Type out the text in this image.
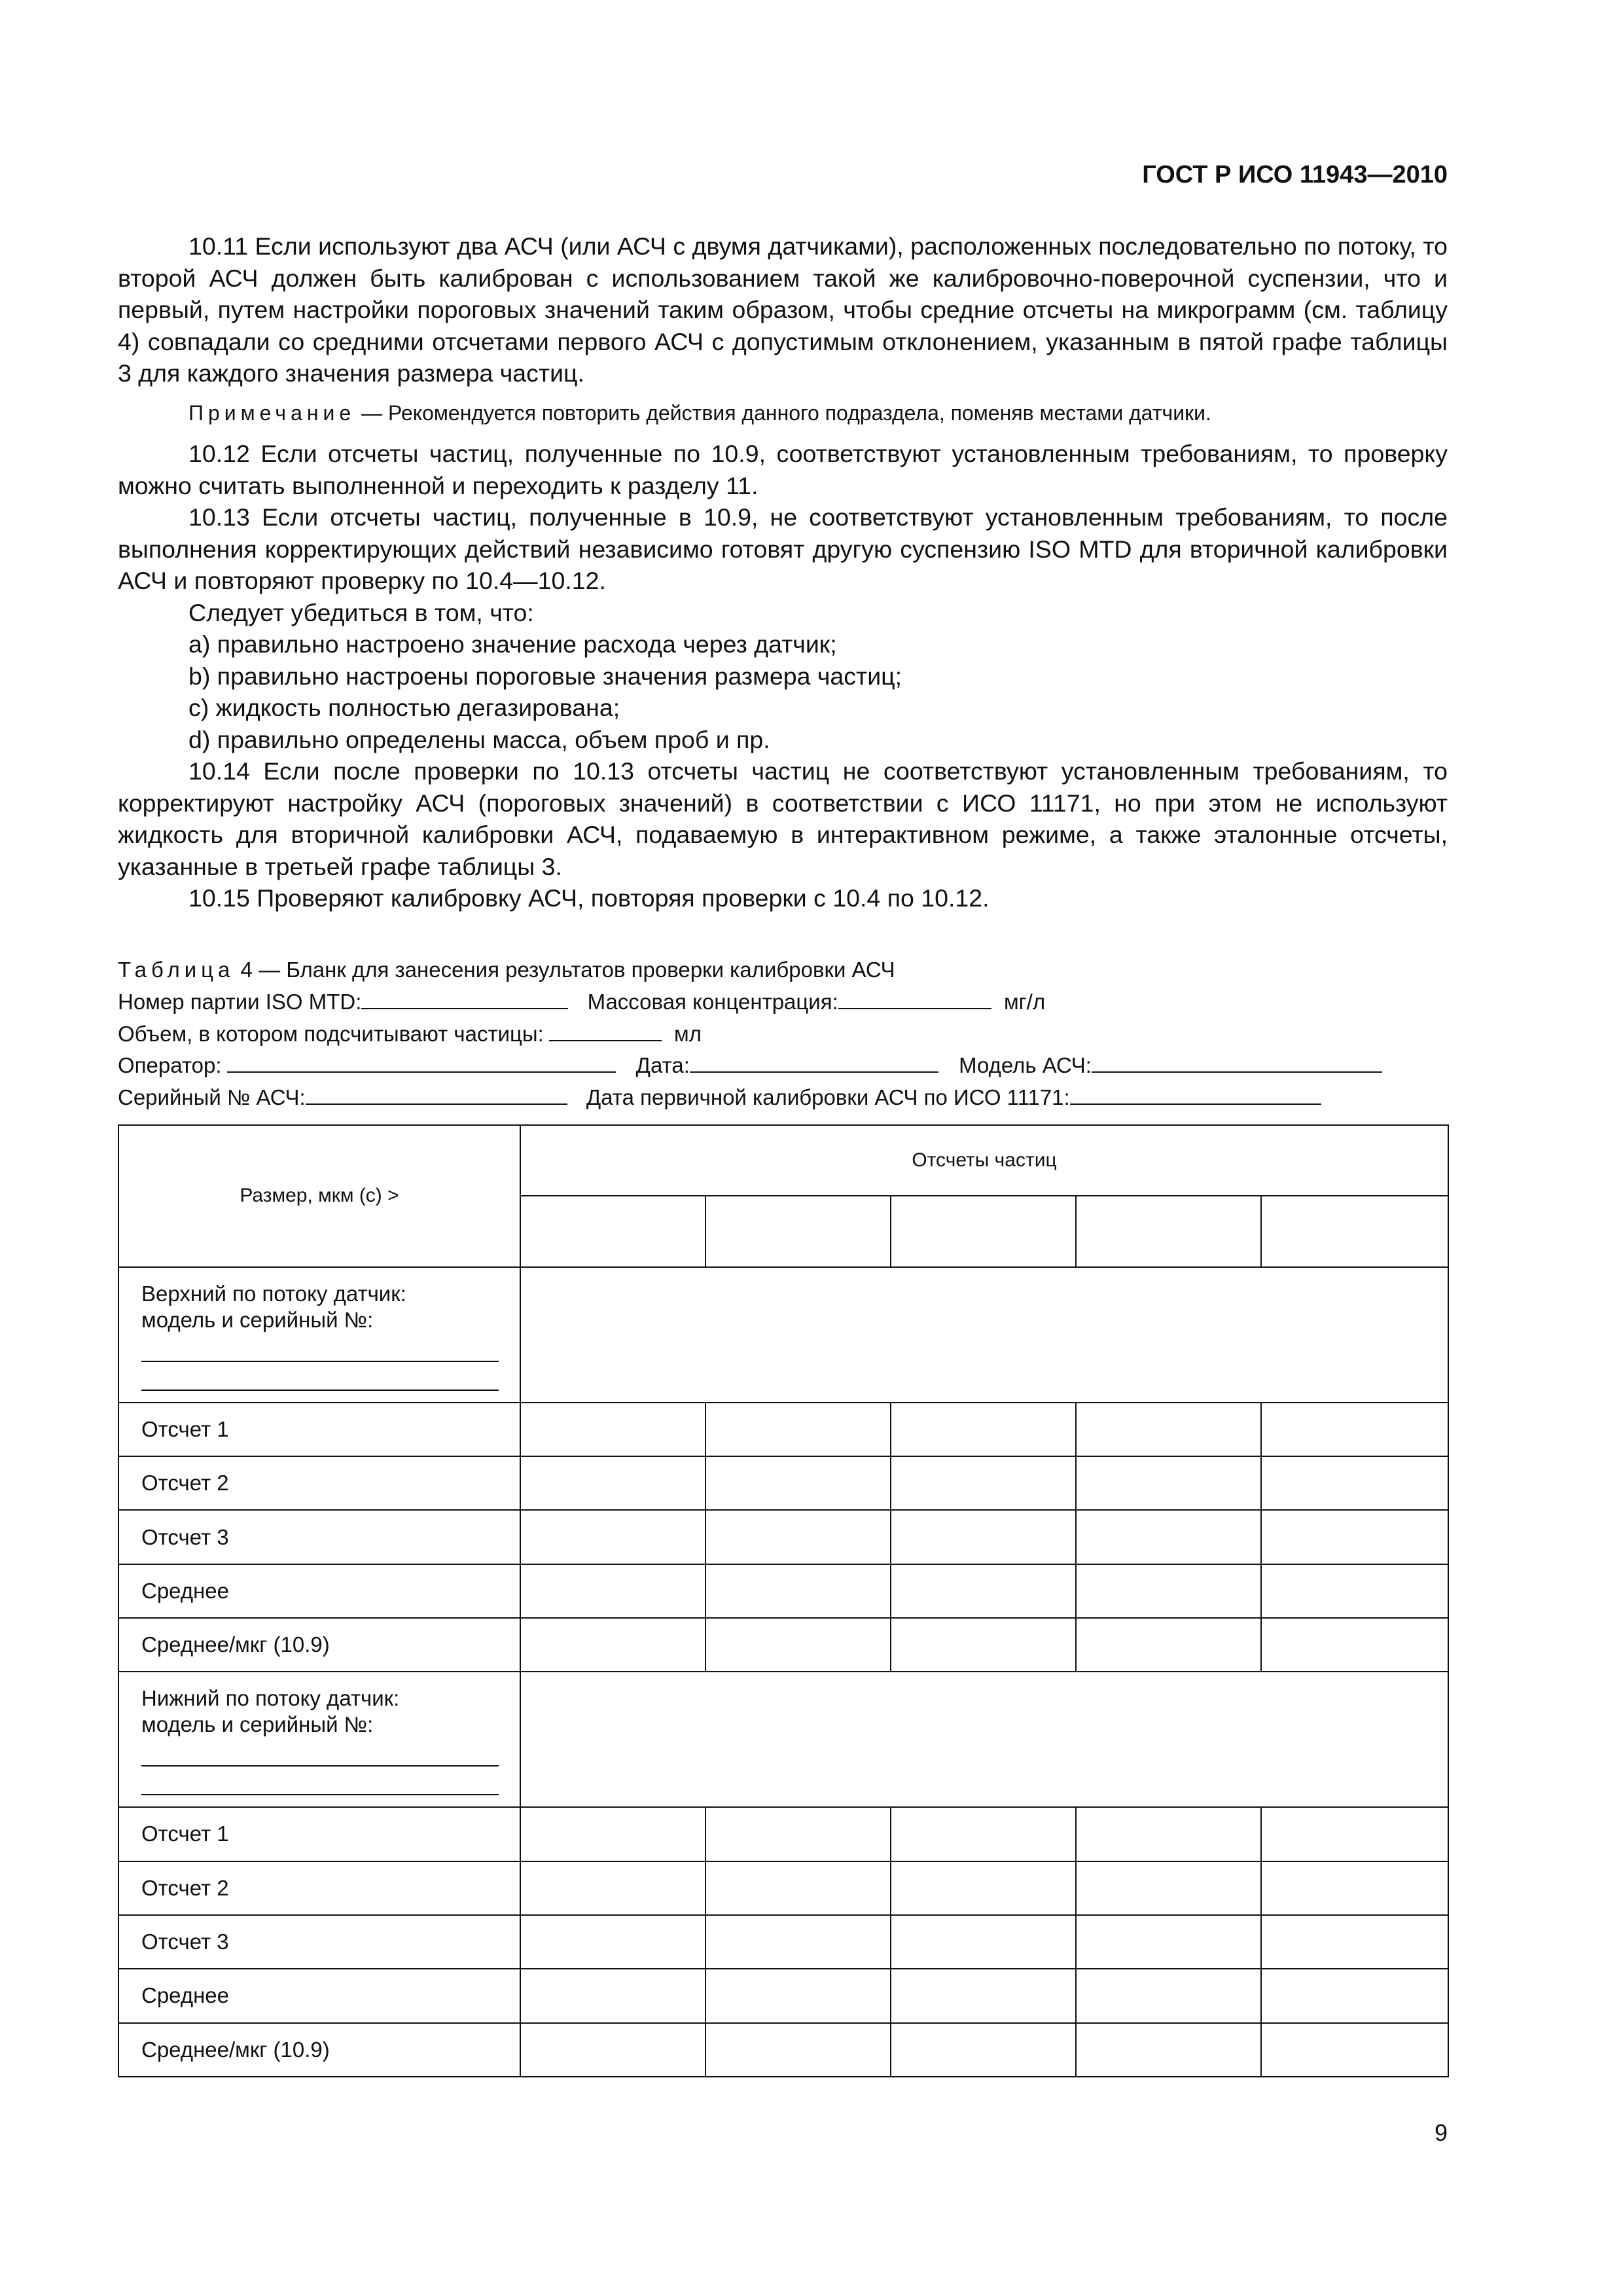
ГОСТ Р ИСО 11943—2010

10.11 Если используют два АСЧ (или АСЧ с двумя датчиками), расположенных последовательно по потоку, то второй АСЧ должен быть калиброван с использованием такой же калибровочно-поверочной суспензии, что и первый, путем настройки пороговых значений таким образом, чтобы средние отсчеты на микрограмм (см. таблицу 4) совпадали со средними отсчетами первого АСЧ с допустимым отклонением, указанным в пятой графе таблицы 3 для каждого значения размера частиц.

Примечание — Рекомендуется повторить действия данного подраздела, поменяв местами датчики.

10.12 Если отсчеты частиц, полученные по 10.9, соответствуют установленным требованиям, то проверку можно считать выполненной и переходить к разделу 11.

10.13 Если отсчеты частиц, полученные в 10.9, не соответствуют установленным требованиям, то после выполнения корректирующих действий независимо готовят другую суспензию ISO MTD для вторичной калибровки АСЧ и повторяют проверку по 10.4—10.12.

Следует убедиться в том, что:

a) правильно настроено значение расхода через датчик;

b) правильно настроены пороговые значения размера частиц;

c) жидкость полностью дегазирована;

d) правильно определены масса, объем проб и пр.

10.14 Если после проверки по 10.13 отсчеты частиц не соответствуют установленным требованиям, то корректируют настройку АСЧ (пороговых значений) в соответствии с ИСО 11171, но при этом не используют жидкость для вторичной калибровки АСЧ, подаваемую в интерактивном режиме, а также эталонные отсчеты, указанные в третьей графе таблицы 3.

10.15 Проверяют калибровку АСЧ, повторяя проверки с 10.4 по 10.12.

Таблица 4 — Бланк для занесения результатов проверки калибровки АСЧ
Номер партии ISO MTD:	Массовая концентрация:	мг/л
Объем, в котором подсчитывают частицы:	мл
Оператор:	Дата:	Модель АСЧ:
Серийный № АСЧ:	Дата первичной калибровки АСЧ по ИСО 11171:
Размер, мкм (с) >	Отсчеты частиц				

Верхний по потоку датчик:
модель и серийный №:					

Отсчет 1					
Отсчет 2					
Отсчет 3					
Среднее					
Среднее/мкг (10.9)					

Нижний по потоку датчик:
модель и серийный №:					

Отсчет 1					
Отсчет 2					
Отсчет 3					
Среднее					
Среднее/мкг (10.9)					
9
